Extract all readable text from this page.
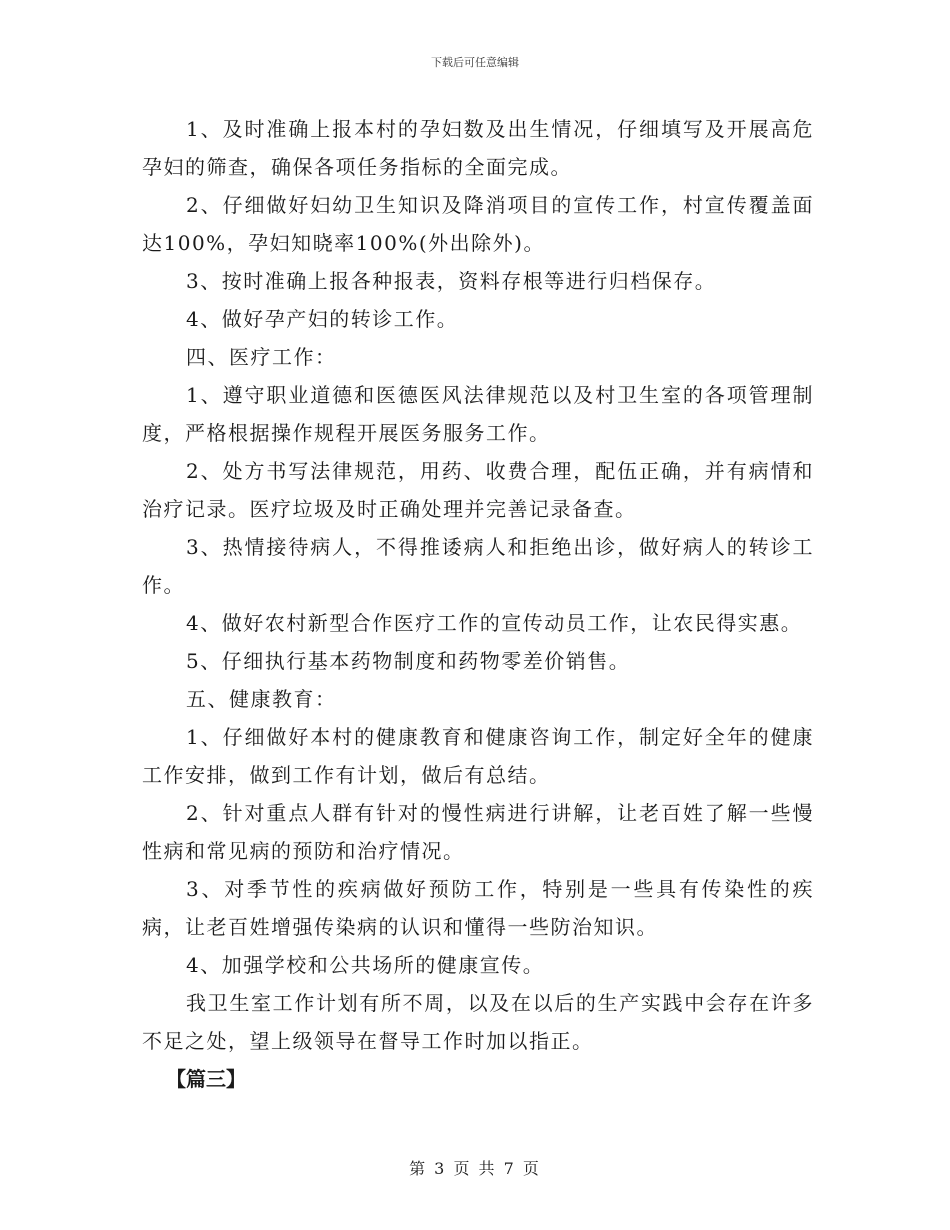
下载后可任意编辑

1、及时准确上报本村的孕妇数及出生情况，仔细填写及开展高危孕妇的筛查，确保各项任务指标的全面完成。

2、仔细做好妇幼卫生知识及降消项目的宣传工作，村宣传覆盖面达100%，孕妇知晓率100%(外出除外)。

3、按时准确上报各种报表，资料存根等进行归档保存。

4、做好孕产妇的转诊工作。

四、医疗工作：

1、遵守职业道德和医德医风法律规范以及村卫生室的各项管理制度，严格根据操作规程开展医务服务工作。

2、处方书写法律规范，用药、收费合理，配伍正确，并有病情和治疗记录。医疗垃圾及时正确处理并完善记录备查。

3、热情接待病人，不得推诿病人和拒绝出诊，做好病人的转诊工作。

4、做好农村新型合作医疗工作的宣传动员工作，让农民得实惠。

5、仔细执行基本药物制度和药物零差价销售。

五、健康教育：

1、仔细做好本村的健康教育和健康咨询工作，制定好全年的健康工作安排，做到工作有计划，做后有总结。

2、针对重点人群有针对的慢性病进行讲解，让老百姓了解一些慢性病和常见病的预防和治疗情况。

3、对季节性的疾病做好预防工作，特别是一些具有传染性的疾病，让老百姓增强传染病的认识和懂得一些防治知识。

4、加强学校和公共场所的健康宣传。

我卫生室工作计划有所不周，以及在以后的生产实践中会存在许多不足之处，望上级领导在督导工作时加以指正。

【篇三】

第 3 页 共 7 页
